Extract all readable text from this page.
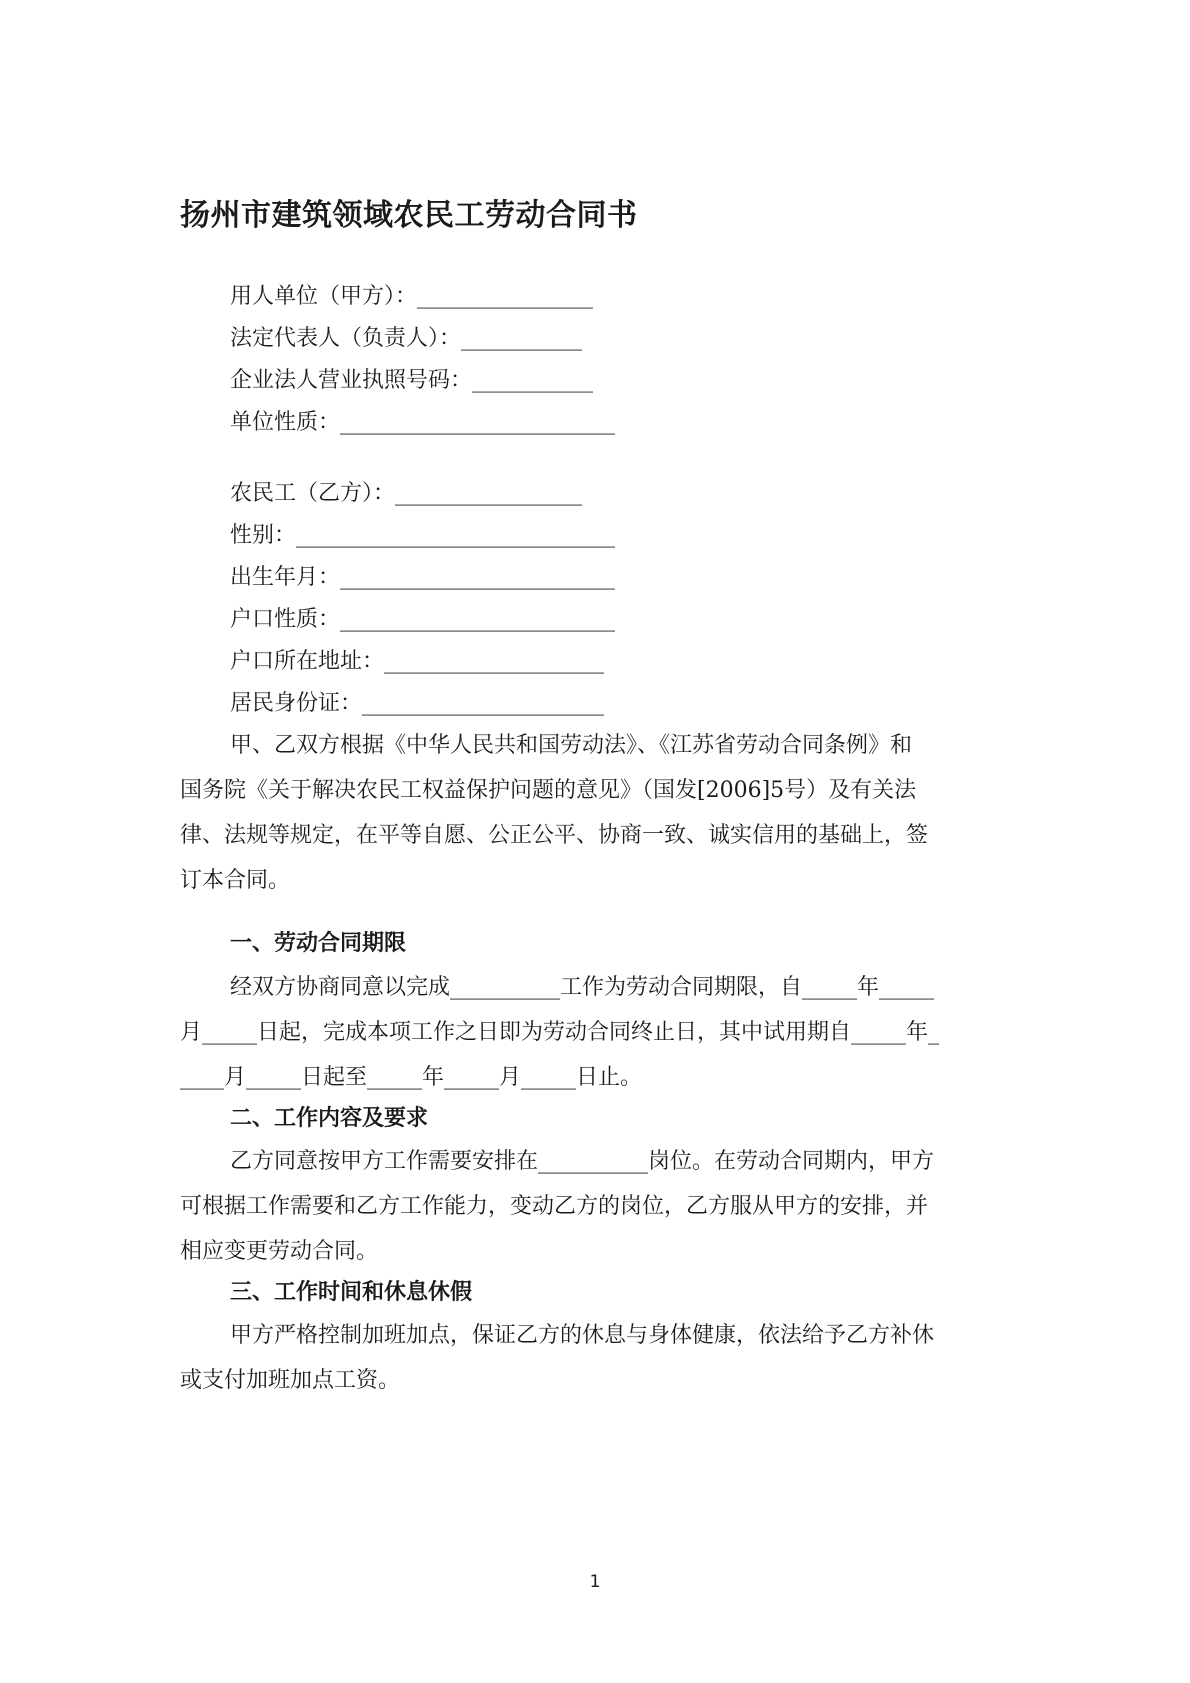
扬州市建筑领域农民工劳动合同书

用人单位（甲方）：________________

法定代表人（负责人）：___________

企业法人营业执照号码：___________

单位性质：_________________________

农民工（乙方）：_________________

性别：_____________________________

出生年月：_________________________

户口性质：_________________________

户口所在地址：____________________

居民身份证：______________________

甲、乙双方根据《中华人民共和国劳动法》、《江苏省劳动合同条例》和

国务院《关于解决农民工权益保护问题的意见》（国发[2006]5号）及有关法

律、法规等规定，在平等自愿、公正公平、协商一致、诚实信用的基础上，签

订本合同。

一、劳动合同期限

经双方协商同意以完成__________工作为劳动合同期限，自_____年_____

月_____日起，完成本项工作之日即为劳动合同终止日，其中试用期自_____年_

____月_____日起至_____年_____月_____日止。

二、工作内容及要求

乙方同意按甲方工作需要安排在__________岗位。在劳动合同期内，甲方

可根据工作需要和乙方工作能力，变动乙方的岗位，乙方服从甲方的安排，并

相应变更劳动合同。

三、工作时间和休息休假

甲方严格控制加班加点，保证乙方的休息与身体健康，依法给予乙方补休

或支付加班加点工资。

1
